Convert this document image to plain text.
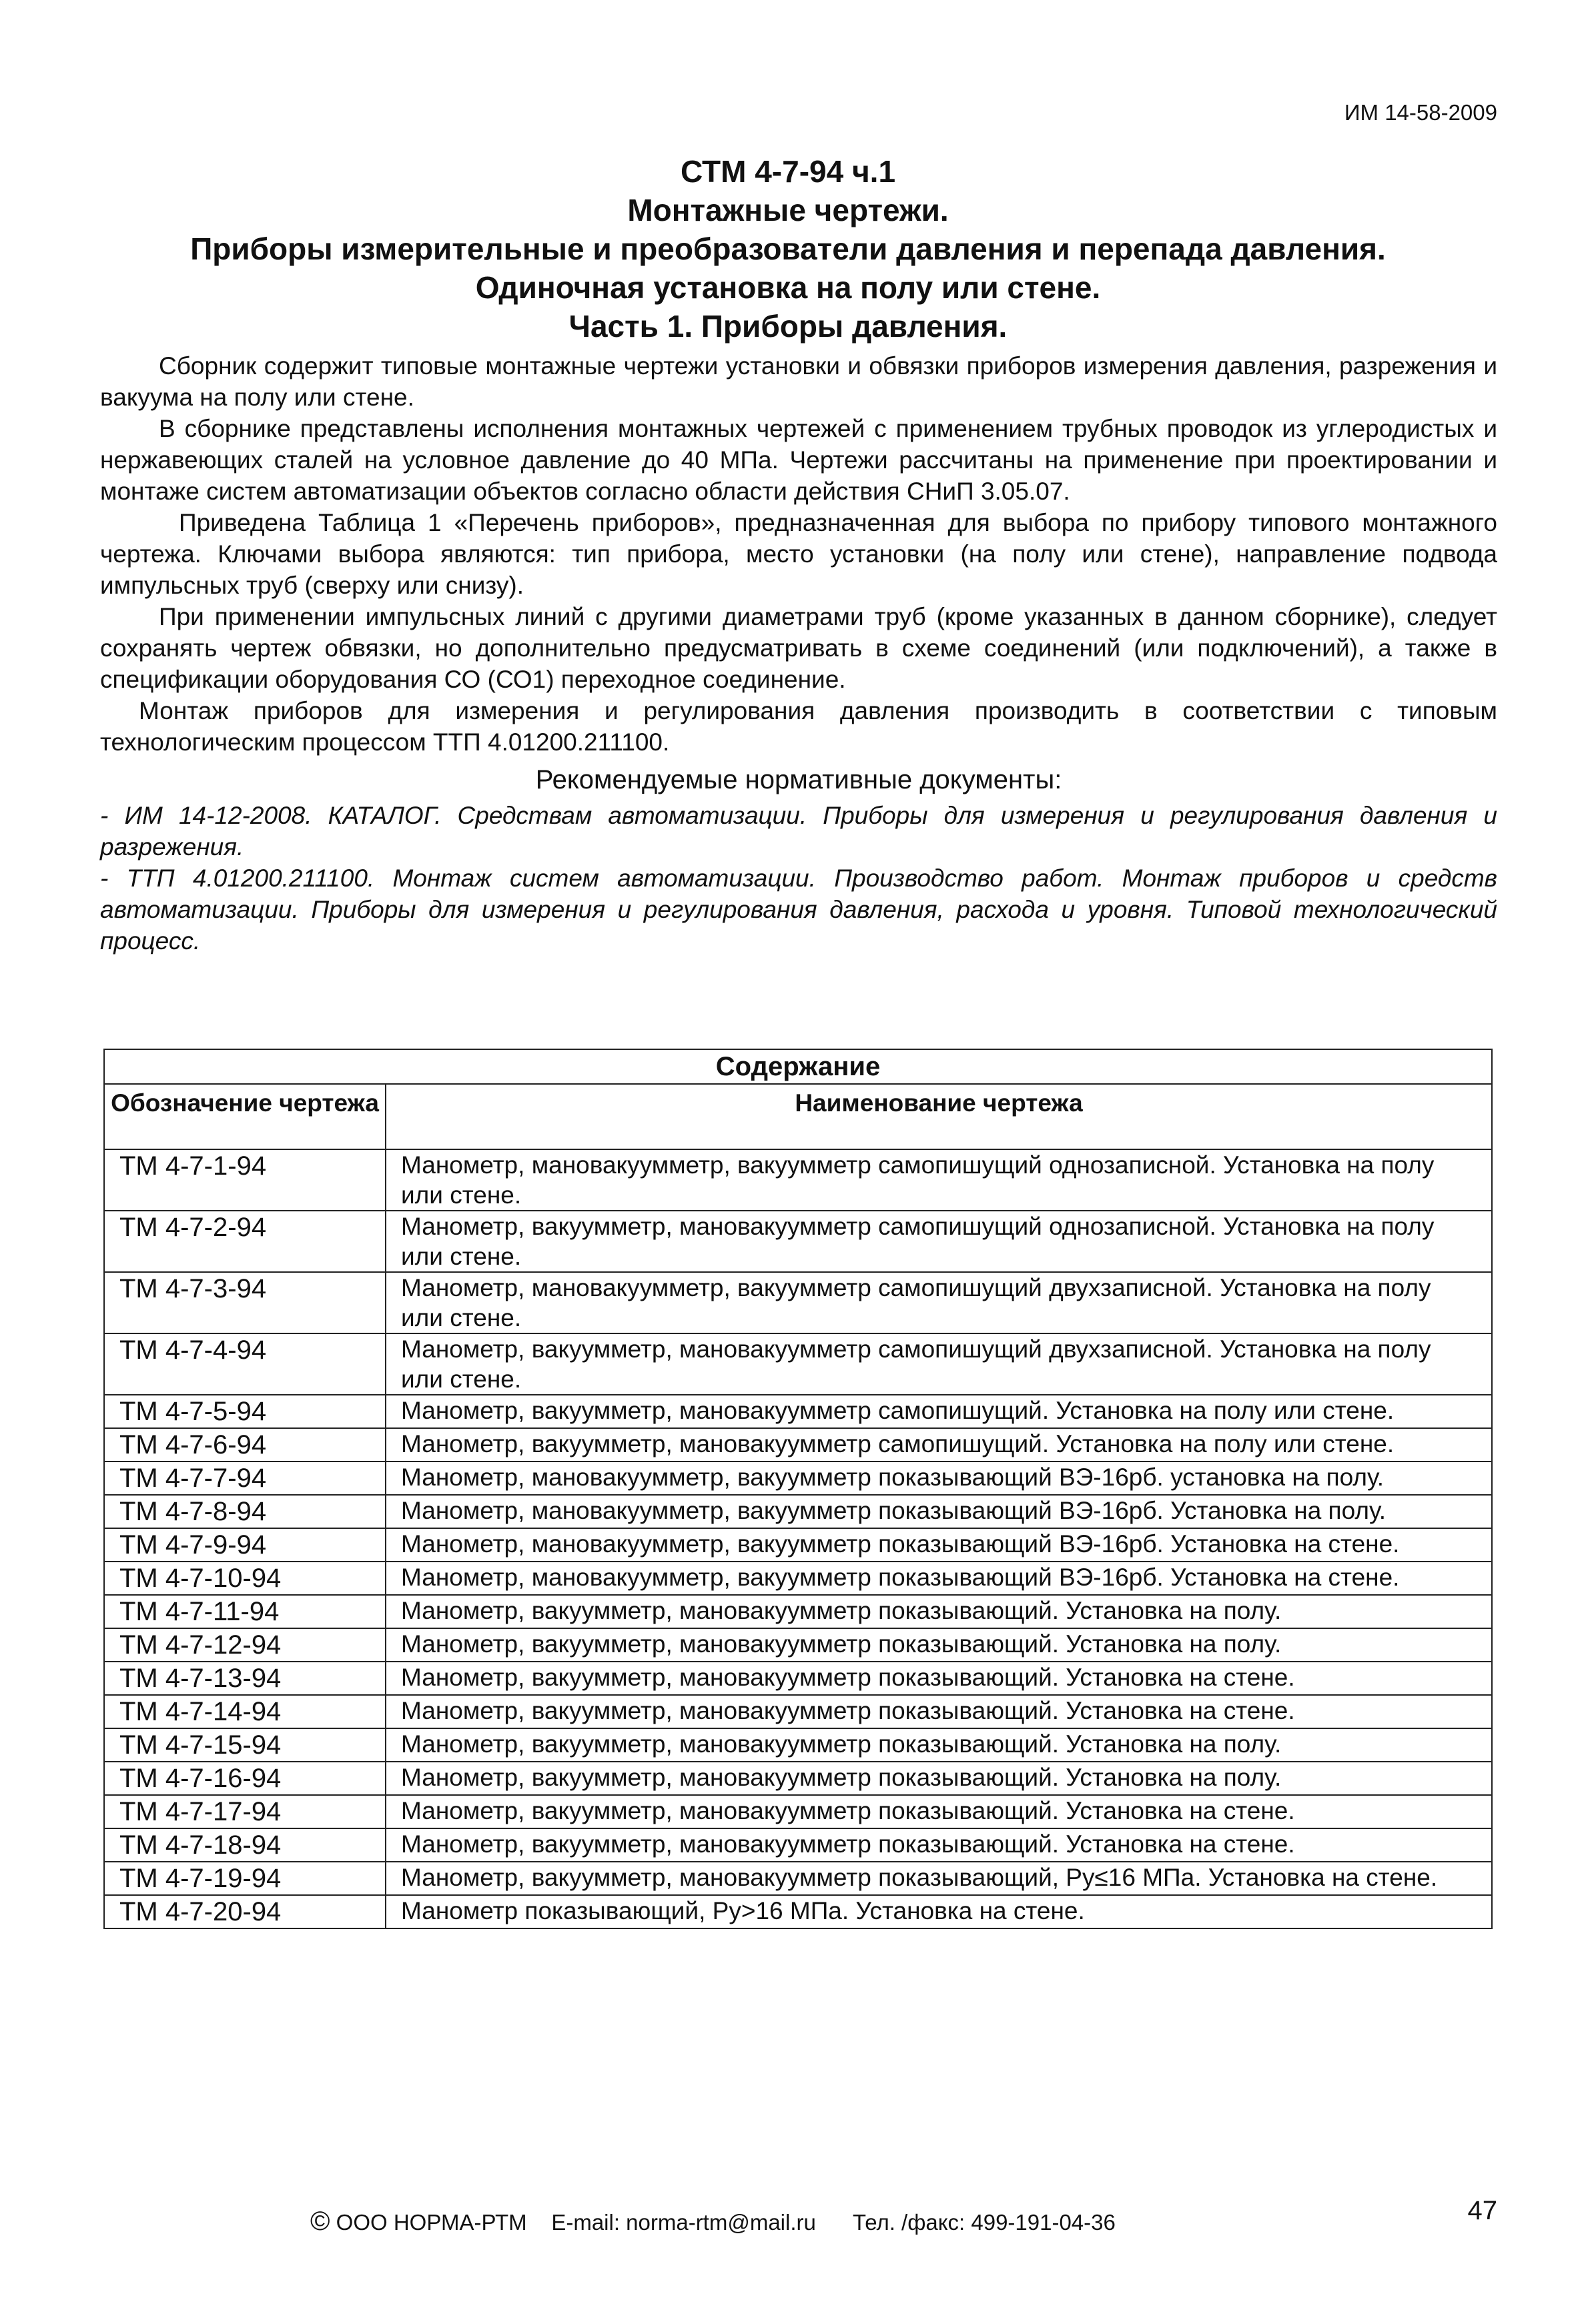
ИМ 14-58-2009
СТМ 4-7-94 ч.1
Монтажные чертежи.
Приборы измерительные и преобразователи давления и перепада давления.
Одиночная установка на полу или стене.
Часть 1. Приборы давления.

Сборник содержит типовые монтажные чертежи установки и обвязки приборов измерения давления, разрежения и вакуума на полу или стене.

В сборнике представлены исполнения монтажных чертежей с применением трубных проводок из углеродистых и нержавеющих сталей на условное давление до 40 МПа. Чертежи рассчитаны на применение при проектировании и монтаже систем автоматизации объектов согласно области действия СНиП 3.05.07.

Приведена Таблица 1 «Перечень приборов», предназначенная для выбора по прибору типового монтажного чертежа. Ключами выбора являются: тип прибора, место установки (на полу или стене), направление подвода импульсных труб (сверху или снизу).

При применении импульсных линий с другими диаметрами труб (кроме указанных в данном сборнике), следует сохранять чертеж обвязки, но дополнительно предусматривать в схеме соединений (или подключений), а также в спецификации оборудования СО (СО1) переходное соединение.

Монтаж приборов для измерения и регулирования давления производить в соответствии с типовым технологическим процессом ТТП 4.01200.211100.

Рекомендуемые нормативные документы:

- ИМ 14-12-2008. КАТАЛОГ. Средствам автоматизации. Приборы для измерения и регулирования давления и разрежения.

- ТТП 4.01200.211100. Монтаж систем автоматизации. Производство работ. Монтаж приборов и средств автоматизации. Приборы для измерения и регулирования давления, расхода и уровня. Типовой технологический процесс.

Содержание	
Обозначение чертежа	Наименование чертежа
ТМ 4-7-1-94	Манометр, мановакуумметр, вакуумметр самопишущий однозаписной. Установка на полу или стене.
ТМ 4-7-2-94	Манометр, вакуумметр, мановакуумметр самопишущий однозаписной. Установка на полу или стене.
ТМ 4-7-3-94	Манометр, мановакуумметр, вакуумметр самопишущий двухзаписной. Установка на полу или стене.
ТМ 4-7-4-94	Манометр, вакуумметр, мановакуумметр самопишущий двухзаписной. Установка на полу или стене.
ТМ 4-7-5-94	Манометр, вакуумметр, мановакуумметр самопишущий. Установка на полу или стене.
ТМ 4-7-6-94	Манометр, вакуумметр, мановакуумметр самопишущий. Установка на полу или стене.
ТМ 4-7-7-94	Манометр, мановакуумметр, вакуумметр показывающий ВЭ-16рб. установка на полу.
ТМ 4-7-8-94	Манометр, мановакуумметр, вакуумметр показывающий ВЭ-16рб. Установка на полу.
ТМ 4-7-9-94	Манометр, мановакуумметр, вакуумметр показывающий ВЭ-16рб. Установка на стене.
ТМ 4-7-10-94	Манометр, мановакуумметр, вакуумметр показывающий ВЭ-16рб. Установка на стене.
ТМ 4-7-11-94	Манометр, вакуумметр, мановакуумметр показывающий. Установка на полу.
ТМ 4-7-12-94	Манометр, вакуумметр, мановакуумметр показывающий. Установка на полу.
ТМ 4-7-13-94	Манометр, вакуумметр, мановакуумметр показывающий. Установка на стене.
ТМ 4-7-14-94	Манометр, вакуумметр, мановакуумметр показывающий. Установка на стене.
ТМ 4-7-15-94	Манометр, вакуумметр, мановакуумметр показывающий. Установка на полу.
ТМ 4-7-16-94	Манометр, вакуумметр, мановакуумметр показывающий. Установка на полу.
ТМ 4-7-17-94	Манометр, вакуумметр, мановакуумметр показывающий. Установка на стене.
ТМ 4-7-18-94	Манометр, вакуумметр, мановакуумметр показывающий. Установка на стене.
ТМ 4-7-19-94	Манометр, вакуумметр, мановакуумметр показывающий, Ру≤16 МПа. Установка на стене.
ТМ 4-7-20-94	Манометр показывающий, Ру>16 МПа. Установка на стене.
© ООО НОРМА-РТМ E-mail: norma-rtm@mail.ru Тел. /факс: 499-191-04-36	47
